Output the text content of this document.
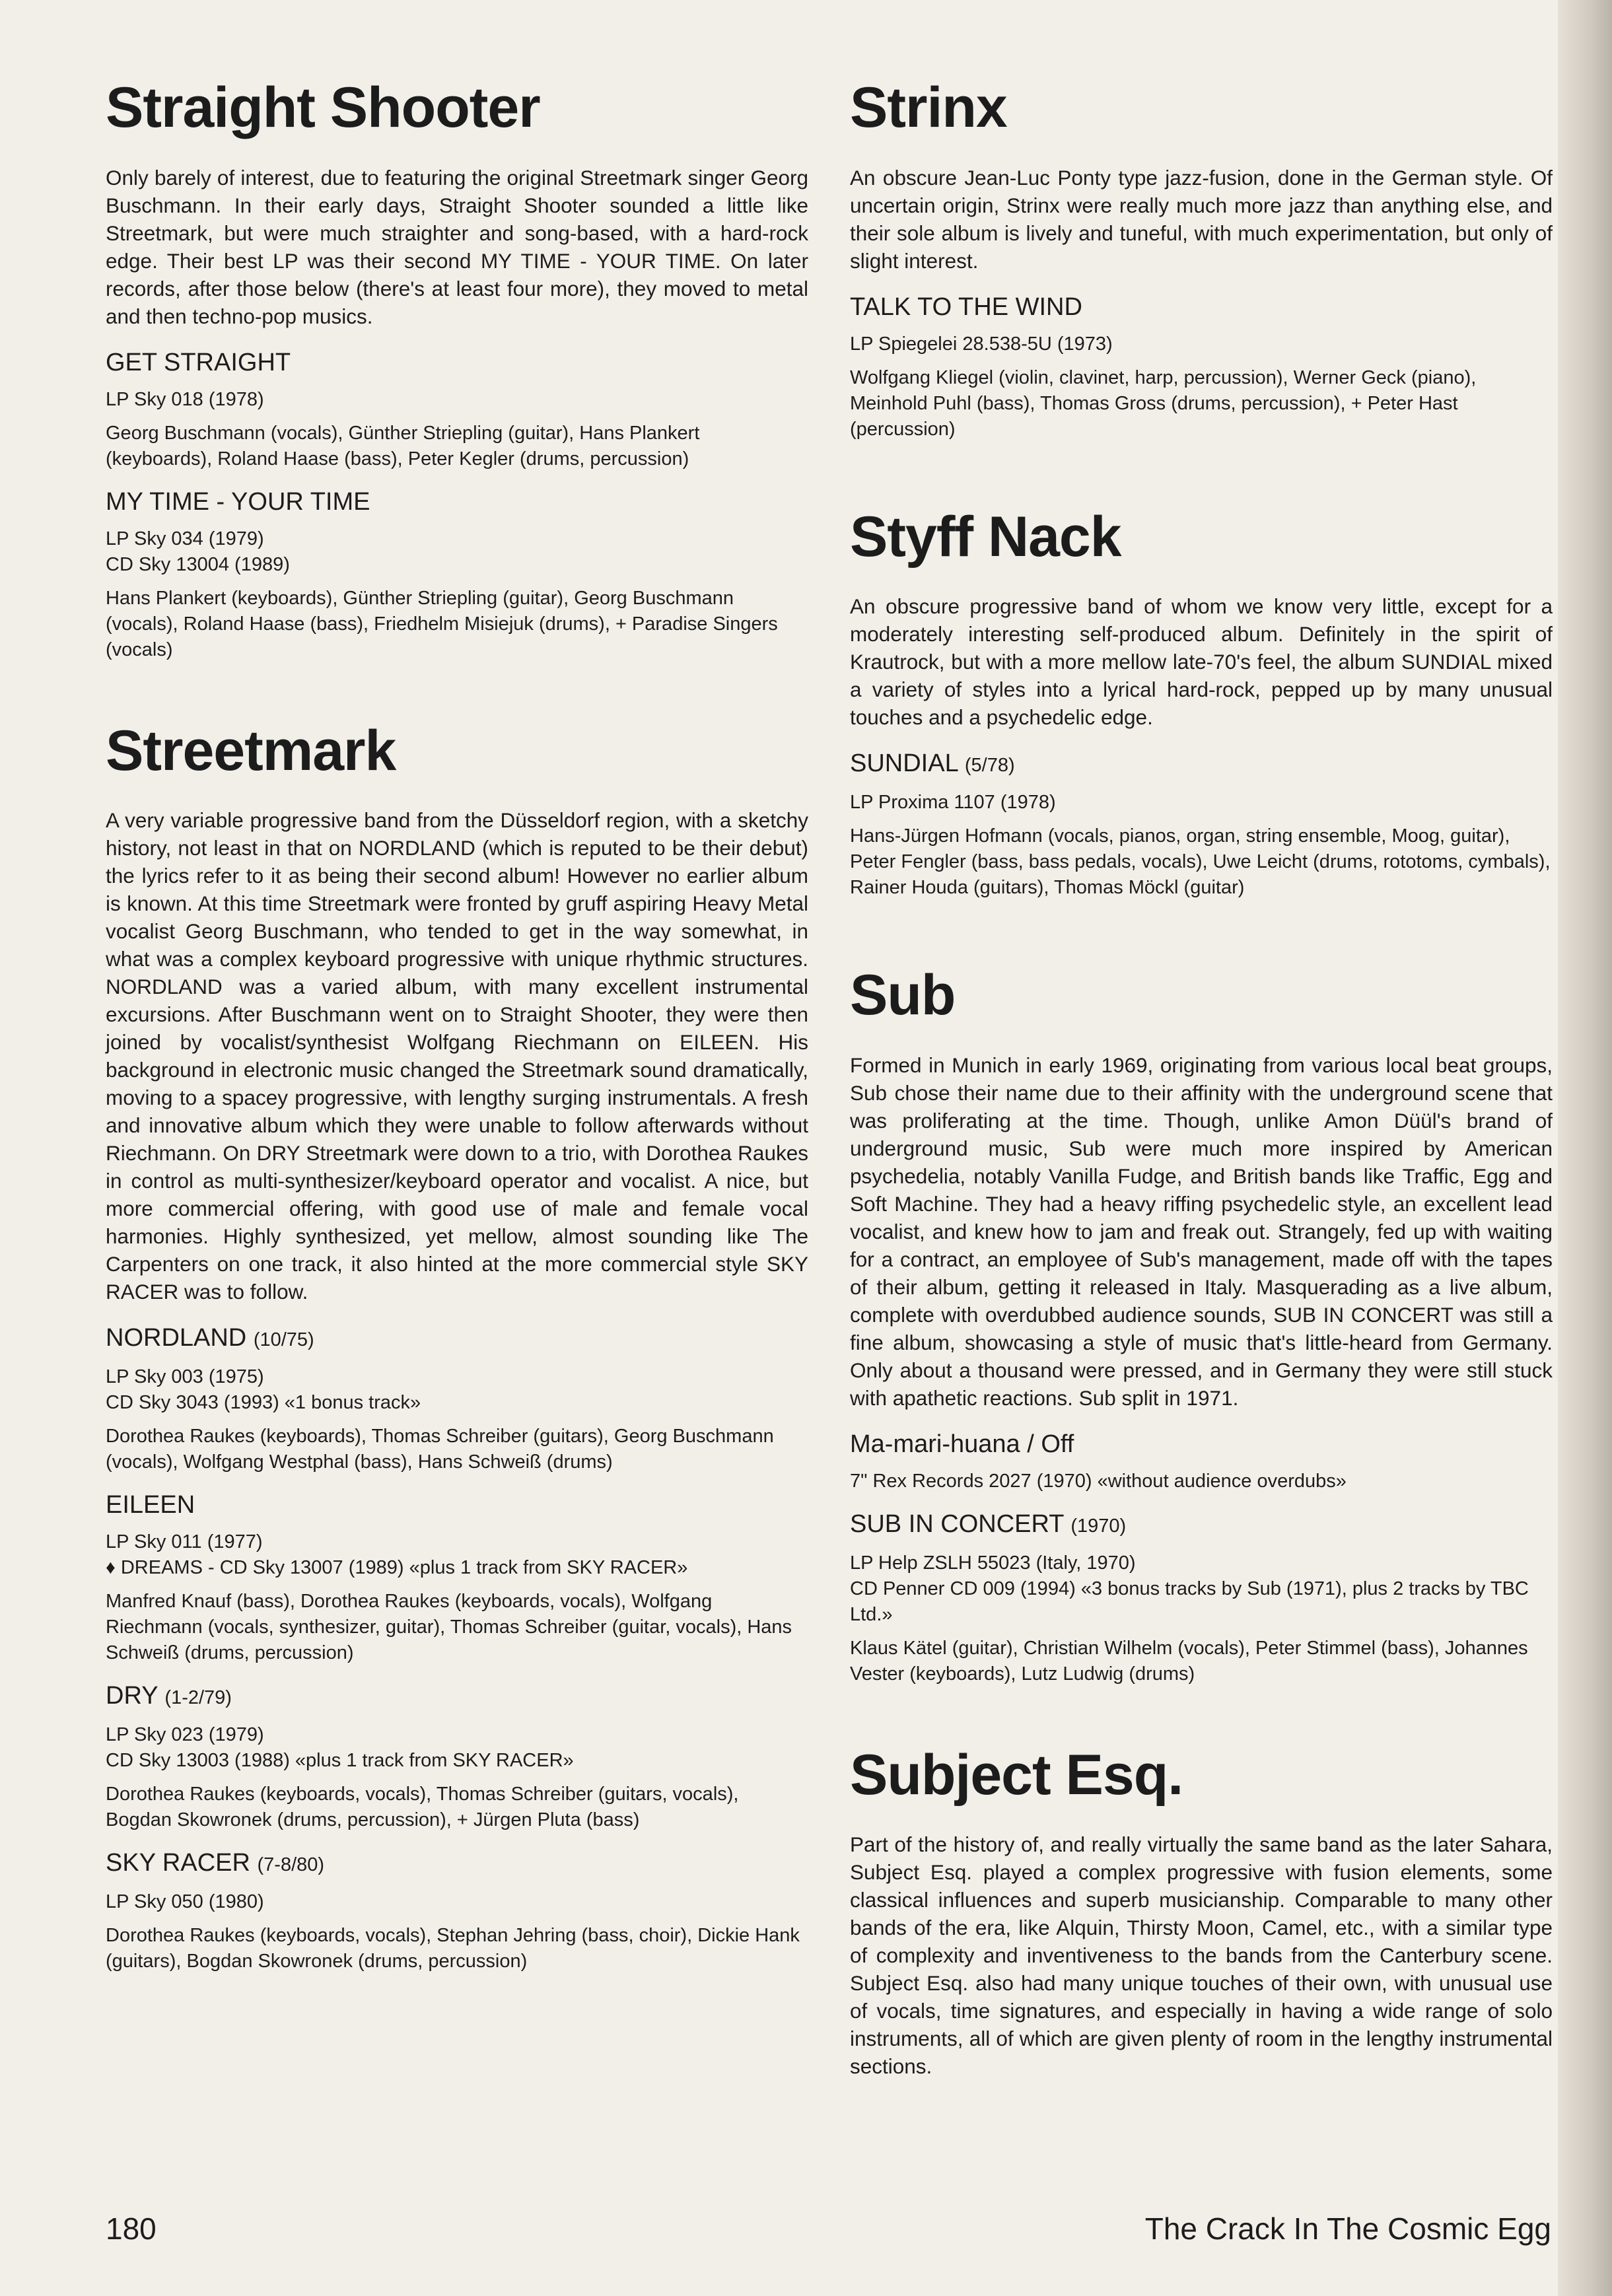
Straight Shooter

Only barely of interest, due to featuring the original Streetmark singer Georg Buschmann. In their early days, Straight Shooter sounded a little like Streetmark, but were much straighter and song-based, with a hard-rock edge. Their best LP was their second MY TIME - YOUR TIME. On later records, after those below (there's at least four more), they moved to metal and then techno-pop musics.

GET STRAIGHT

LP Sky 018 (1978)

Georg Buschmann (vocals), Günther Striepling (guitar), Hans Plankert (keyboards), Roland Haase (bass), Peter Kegler (drums, percussion)

MY TIME - YOUR TIME

LP Sky 034 (1979)

CD Sky 13004 (1989)

Hans Plankert (keyboards), Günther Striepling (guitar), Georg Buschmann (vocals), Roland Haase (bass), Friedhelm Misiejuk (drums), + Paradise Singers (vocals)

Streetmark

A very variable progressive band from the Düsseldorf region, with a sketchy history, not least in that on NORDLAND (which is reputed to be their debut) the lyrics refer to it as being their second album! However no earlier album is known. At this time Streetmark were fronted by gruff aspiring Heavy Metal vocalist Georg Buschmann, who tended to get in the way somewhat, in what was a complex keyboard progressive with unique rhythmic structures. NORDLAND was a varied album, with many excellent instrumental excursions. After Buschmann went on to Straight Shooter, they were then joined by vocalist/synthesist Wolfgang Riechmann on EILEEN. His background in electronic music changed the Streetmark sound dramatically, moving to a spacey progressive, with lengthy surging instrumentals. A fresh and innovative album which they were unable to follow afterwards without Riechmann. On DRY Streetmark were down to a trio, with Dorothea Raukes in control as multi-synthesizer/keyboard operator and vocalist. A nice, but more commercial offering, with good use of male and female vocal harmonies. Highly synthesized, yet mellow, almost sounding like The Carpenters on one track, it also hinted at the more commercial style SKY RACER was to follow.

NORDLAND (10/75)

LP Sky 003 (1975)

CD Sky 3043 (1993) «1 bonus track»

Dorothea Raukes (keyboards), Thomas Schreiber (guitars), Georg Buschmann (vocals), Wolfgang Westphal (bass), Hans Schweiß (drums)

EILEEN

LP Sky 011 (1977)

♦ DREAMS - CD Sky 13007 (1989) «plus 1 track from SKY RACER»

Manfred Knauf (bass), Dorothea Raukes (keyboards, vocals), Wolfgang Riechmann (vocals, synthesizer, guitar), Thomas Schreiber (guitar, vocals), Hans Schweiß (drums, percussion)

DRY (1-2/79)

LP Sky 023 (1979)

CD Sky 13003 (1988) «plus 1 track from SKY RACER»

Dorothea Raukes (keyboards, vocals), Thomas Schreiber (guitars, vocals), Bogdan Skowronek (drums, percussion), + Jürgen Pluta (bass)

SKY RACER (7-8/80)

LP Sky 050 (1980)

Dorothea Raukes (keyboards, vocals), Stephan Jehring (bass, choir), Dickie Hank (guitars), Bogdan Skowronek (drums, percussion)

Strinx

An obscure Jean-Luc Ponty type jazz-fusion, done in the German style. Of uncertain origin, Strinx were really much more jazz than anything else, and their sole album is lively and tuneful, with much experimentation, but only of slight interest.

TALK TO THE WIND

LP Spiegelei 28.538-5U (1973)

Wolfgang Kliegel (violin, clavinet, harp, percussion), Werner Geck (piano), Meinhold Puhl (bass), Thomas Gross (drums, percussion), + Peter Hast (percussion)

Styff Nack

An obscure progressive band of whom we know very little, except for a moderately interesting self-produced album. Definitely in the spirit of Krautrock, but with a more mellow late-70's feel, the album SUNDIAL mixed a variety of styles into a lyrical hard-rock, pepped up by many unusual touches and a psychedelic edge.

SUNDIAL (5/78)

LP Proxima 1107 (1978)

Hans-Jürgen Hofmann (vocals, pianos, organ, string ensemble, Moog, guitar), Peter Fengler (bass, bass pedals, vocals), Uwe Leicht (drums, rototoms, cymbals), Rainer Houda (guitars), Thomas Möckl (guitar)

Sub

Formed in Munich in early 1969, originating from various local beat groups, Sub chose their name due to their affinity with the underground scene that was proliferating at the time. Though, unlike Amon Düül's brand of underground music, Sub were much more inspired by American psychedelia, notably Vanilla Fudge, and British bands like Traffic, Egg and Soft Machine. They had a heavy riffing psychedelic style, an excellent lead vocalist, and knew how to jam and freak out. Strangely, fed up with waiting for a contract, an employee of Sub's management, made off with the tapes of their album, getting it released in Italy. Masquerading as a live album, complete with overdubbed audience sounds, SUB IN CONCERT was still a fine album, showcasing a style of music that's little-heard from Germany. Only about a thousand were pressed, and in Germany they were still stuck with apathetic reactions. Sub split in 1971.

Ma-mari-huana / Off

7" Rex Records 2027 (1970) «without audience overdubs»

SUB IN CONCERT (1970)

LP Help ZSLH 55023 (Italy, 1970)

CD Penner CD 009 (1994) «3 bonus tracks by Sub (1971), plus 2 tracks by TBC Ltd.»

Klaus Kätel (guitar), Christian Wilhelm (vocals), Peter Stimmel (bass), Johannes Vester (keyboards), Lutz Ludwig (drums)

Subject Esq.

Part of the history of, and really virtually the same band as the later Sahara, Subject Esq. played a complex progressive with fusion elements, some classical influences and superb musicianship. Comparable to many other bands of the era, like Alquin, Thirsty Moon, Camel, etc., with a similar type of complexity and inventiveness to the bands from the Canterbury scene. Subject Esq. also had many unique touches of their own, with unusual use of vocals, time signatures, and especially in having a wide range of solo instruments, all of which are given plenty of room in the lengthy instrumental sections.

180	The Crack In The Cosmic Egg
